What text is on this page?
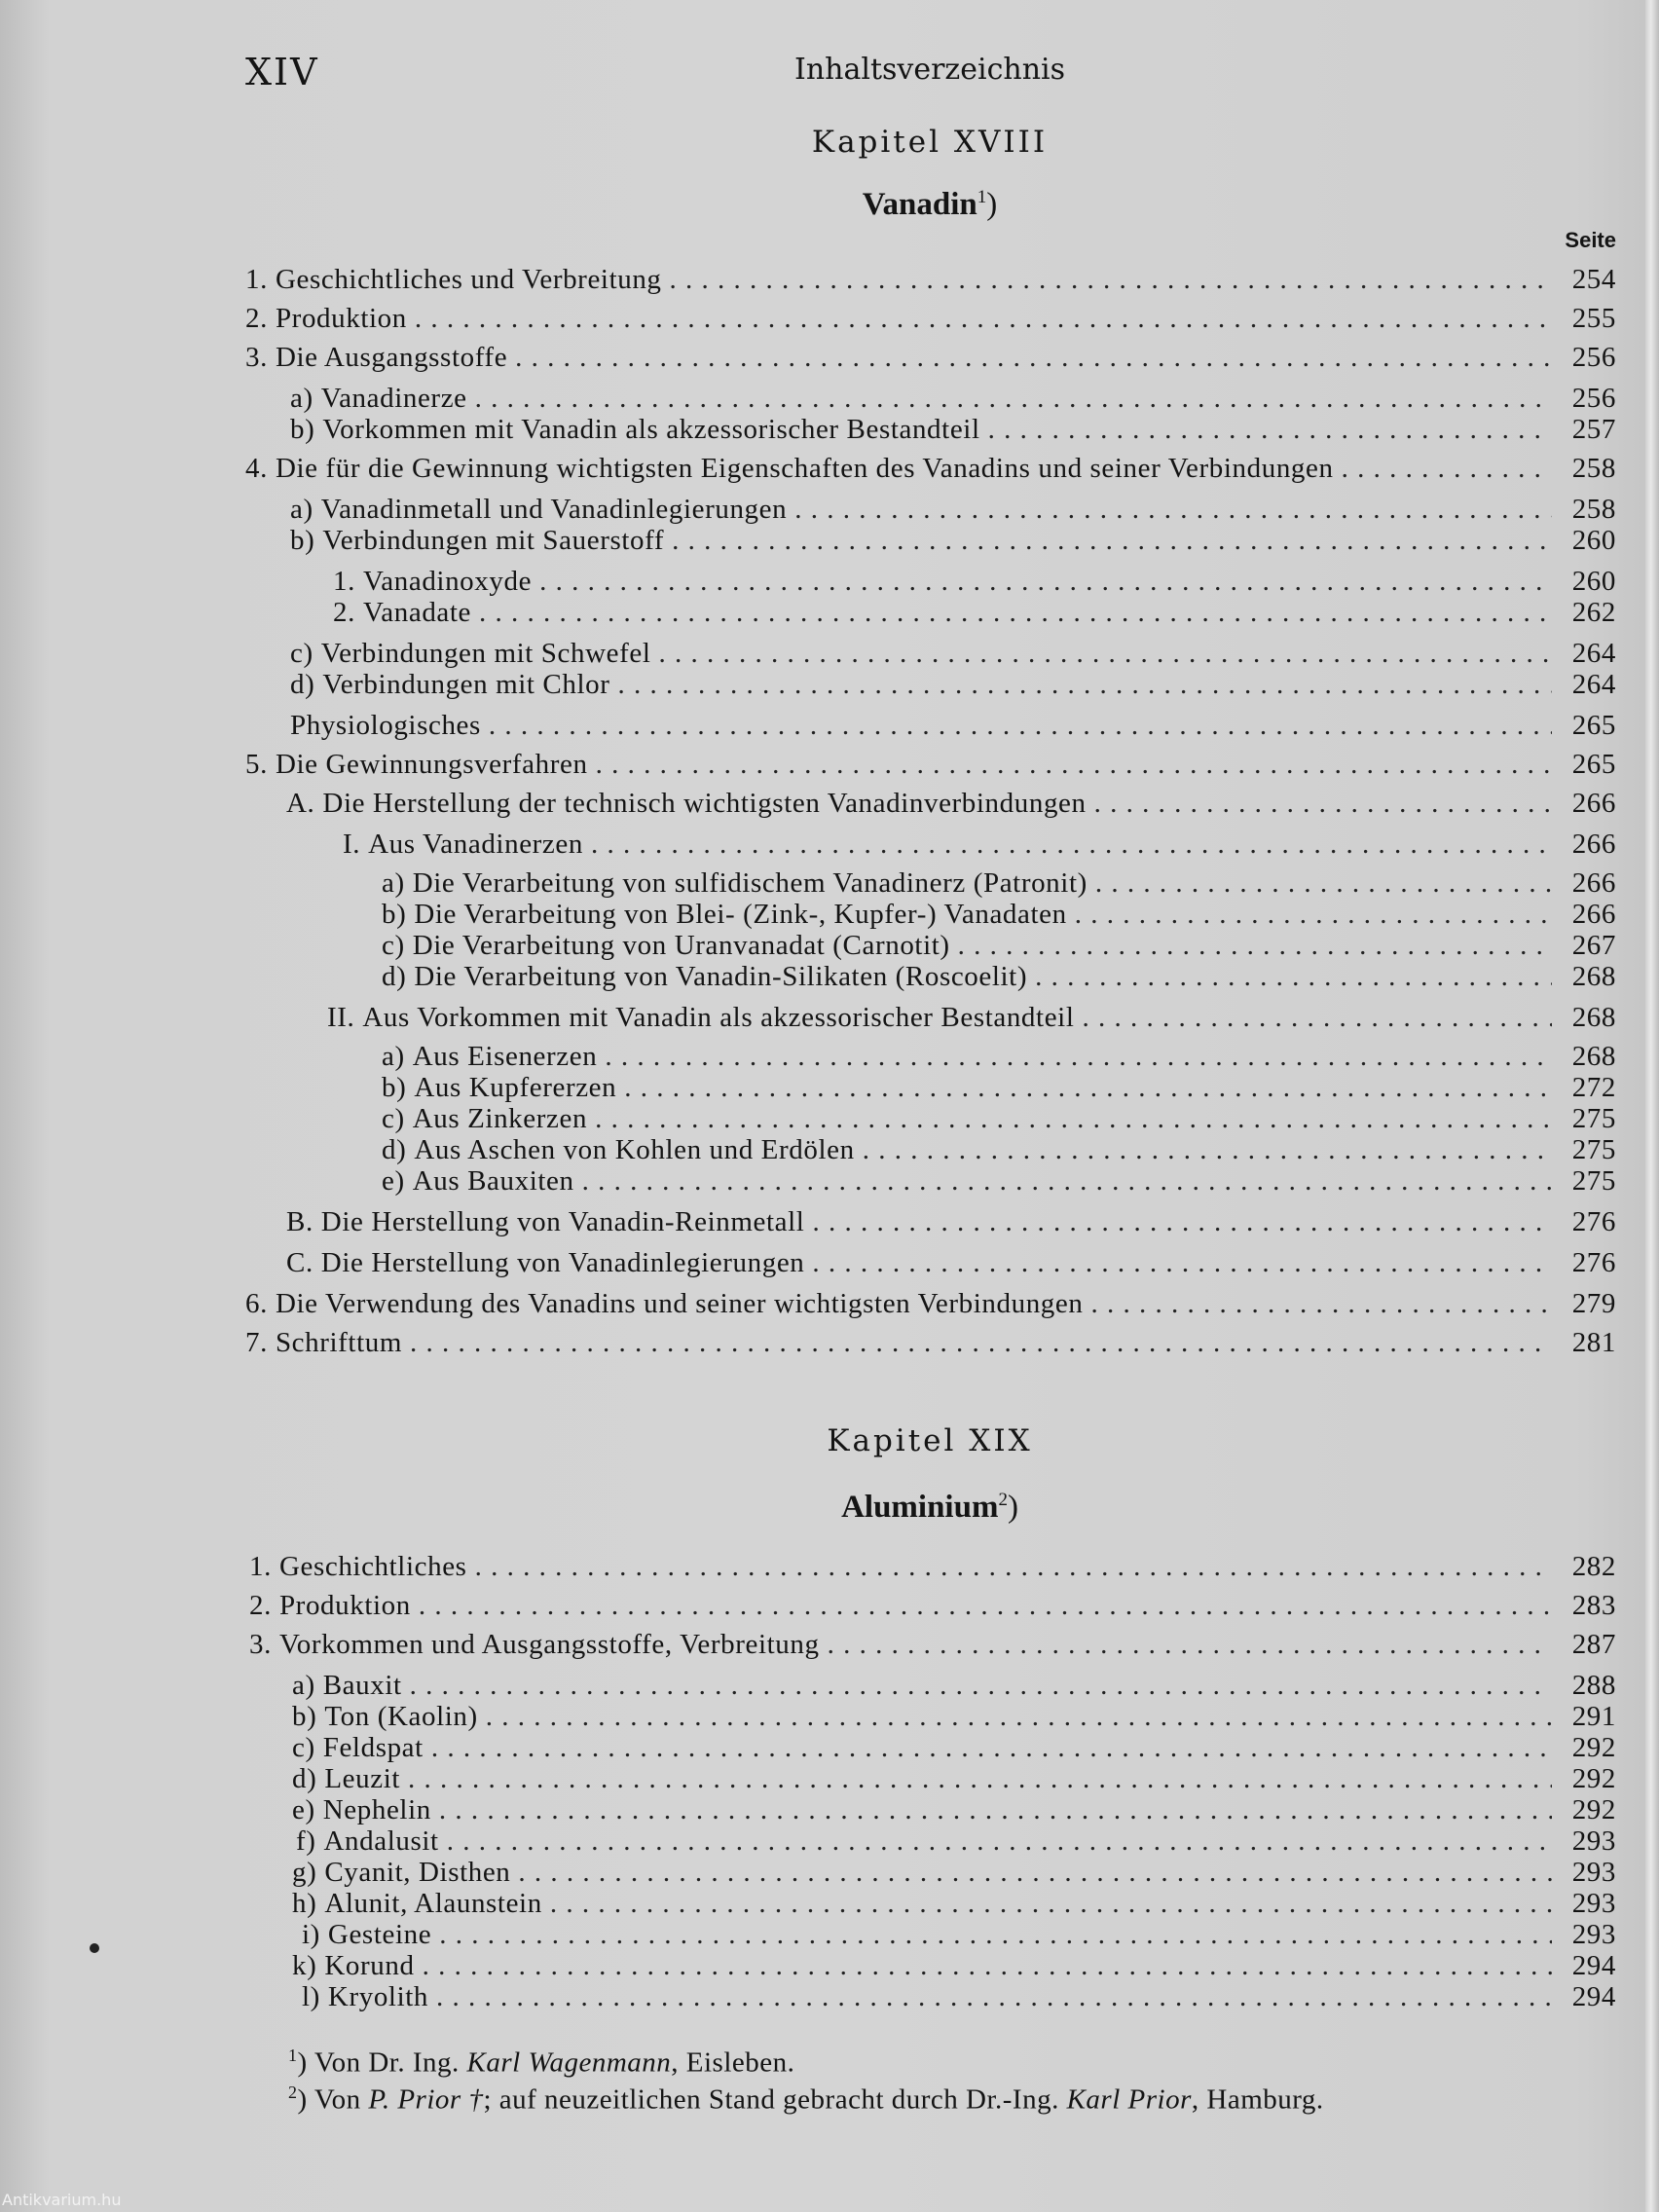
XIV	Inhaltsverzeichnis
Kapitel XVIII
Vanadin$^1$)
Seite
1. Geschichtliches und Verbreitung . . .	254
2. Produktion . . .	255
3. Die Ausgangsstoffe . . .	256
a) Vanadinerze . . .	256
b) Vorkommen mit Vanadin als akzessorischer Bestandteil . . .	257
4. Die für die Gewinnung wichtigsten Eigenschaften des Vanadins und seiner Verbindungen . . .	258
a) Vanadinmetall und Vanadinlegierungen . . .	258
b) Verbindungen mit Sauerstoff . . .	260
1. Vanadinoxyde . . .	260
2. Vanadate . . .	262
c) Verbindungen mit Schwefel . . .	264
d) Verbindungen mit Chlor . . .	264
Physiologisches . . .	265
5. Die Gewinnungsverfahren . . .	265
A. Die Herstellung der technisch wichtigsten Vanadinverbindungen . . .	266
I. Aus Vanadinerzen . . .	266
a) Die Verarbeitung von sulfidischem Vanadinerz (Patronit) . . .	266
b) Die Verarbeitung von Blei- (Zink-, Kupfer-) Vanadaten . . .	266
c) Die Verarbeitung von Uranvanadat (Carnotit) . . .	267
d) Die Verarbeitung von Vanadin-Silikaten (Roscoelit) . . .	268
II. Aus Vorkommen mit Vanadin als akzessorischer Bestandteil . . .	268
a) Aus Eisenerzen . . .	268
b) Aus Kupfererzen . . .	272
c) Aus Zinkerzen . . .	275
d) Aus Aschen von Kohlen und Erdölen . . .	275
e) Aus Bauxiten . . .	275
B. Die Herstellung von Vanadin-Reinmetall . . .	276
C. Die Herstellung von Vanadinlegierungen . . .	276
6. Die Verwendung des Vanadins und seiner wichtigsten Verbindungen . . .	279
7. Schrifttum . . .	281
Kapitel XIX
Aluminium$^2$)
1. Geschichtliches . . .	282
2. Produktion . . .	283
3. Vorkommen und Ausgangsstoffe, Verbreitung . . .	287
a) Bauxit . . .	288
b) Ton (Kaolin) . . .	291
c) Feldspat . . .	292
d) Leuzit . . .	292
e) Nephelin . . .	292
f) Andalusit . . .	293
g) Cyanit, Disthen . . .	293
h) Alunit, Alaunstein . . .	293
i) Gesteine . . .	293
k) Korund . . .	294
l) Kryolith . . .	294
$^1$) Von Dr. Ing. Karl Wagenmann, Eisleben.
$^2$) Von P. Prior †; auf neuzeitlichen Stand gebracht durch Dr.-Ing. Karl Prior, Hamburg.
Antikvarium.hu
